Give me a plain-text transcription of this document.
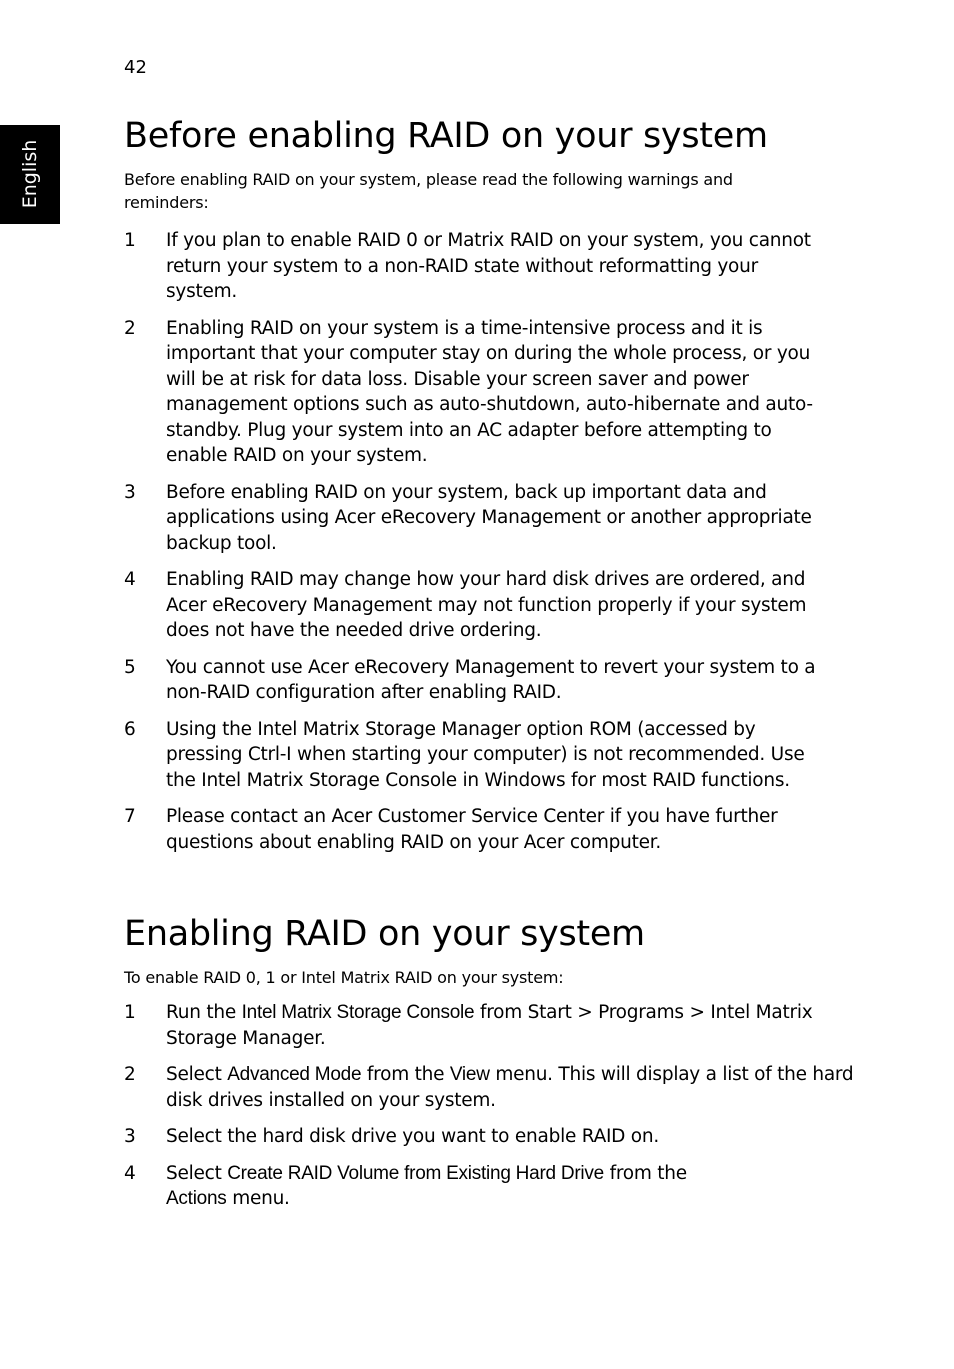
42
English
Before enabling RAID on your system

Before enabling RAID on your system, please read the following warnings and reminders:

1 If you plan to enable RAID 0 or Matrix RAID on your system, you cannot return your system to a non-RAID state without reformatting your system.
2 Enabling RAID on your system is a time-intensive process and it is important that your computer stay on during the whole process, or you will be at risk for data loss. Disable your screen saver and power management options such as auto-shutdown, auto-hibernate and auto-standby. Plug your system into an AC adapter before attempting to enable RAID on your system.
3 Before enabling RAID on your system, back up important data and applications using Acer eRecovery Management or another appropriate backup tool.
4 Enabling RAID may change how your hard disk drives are ordered, and Acer eRecovery Management may not function properly if your system does not have the needed drive ordering.
5 You cannot use Acer eRecovery Management to revert your system to a non-RAID configuration after enabling RAID.
6 Using the Intel Matrix Storage Manager option ROM (accessed by pressing Ctrl-I when starting your computer) is not recommended. Use the Intel Matrix Storage Console in Windows for most RAID functions.
7 Please contact an Acer Customer Service Center if you have further questions about enabling RAID on your Acer computer.
Enabling RAID on your system

To enable RAID 0, 1 or Intel Matrix RAID on your system:

1 Run the Intel Matrix Storage Console from Start > Programs > Intel Matrix Storage Manager.
2 Select Advanced Mode from the View menu. This will display a list of the hard disk drives installed on your system.
3 Select the hard disk drive you want to enable RAID on.
4 Select Create RAID Volume from Existing Hard Drive from the
Actions menu.
